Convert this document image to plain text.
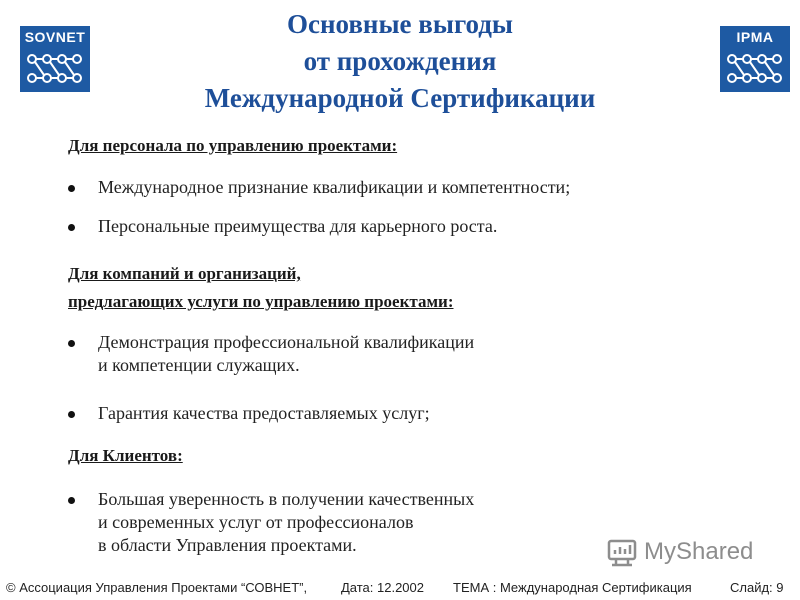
SOVNET	IPMA
Основные выгоды
от прохождения
Международной Сертификации
Для персонала по управлению проектами:
Международное признание квалификации и компетентности;
Персональные преимущества для карьерного роста.
Для компаний и организаций,
предлагающих услуги по управлению проектами:
Демонстрация профессиональной квалификации
и компетенции служащих.
Гарантия качества предоставляемых услуг;
Для Клиентов:
Большая уверенность в получении качественных
и современных услуг от профессионалов
в области Управления проектами.	MyShared
© Ассоциация Управления Проектами “СОВНЕТ”,	Дата: 12.2002 ТЕМА : Международная Сертификация	Слайд: 9
